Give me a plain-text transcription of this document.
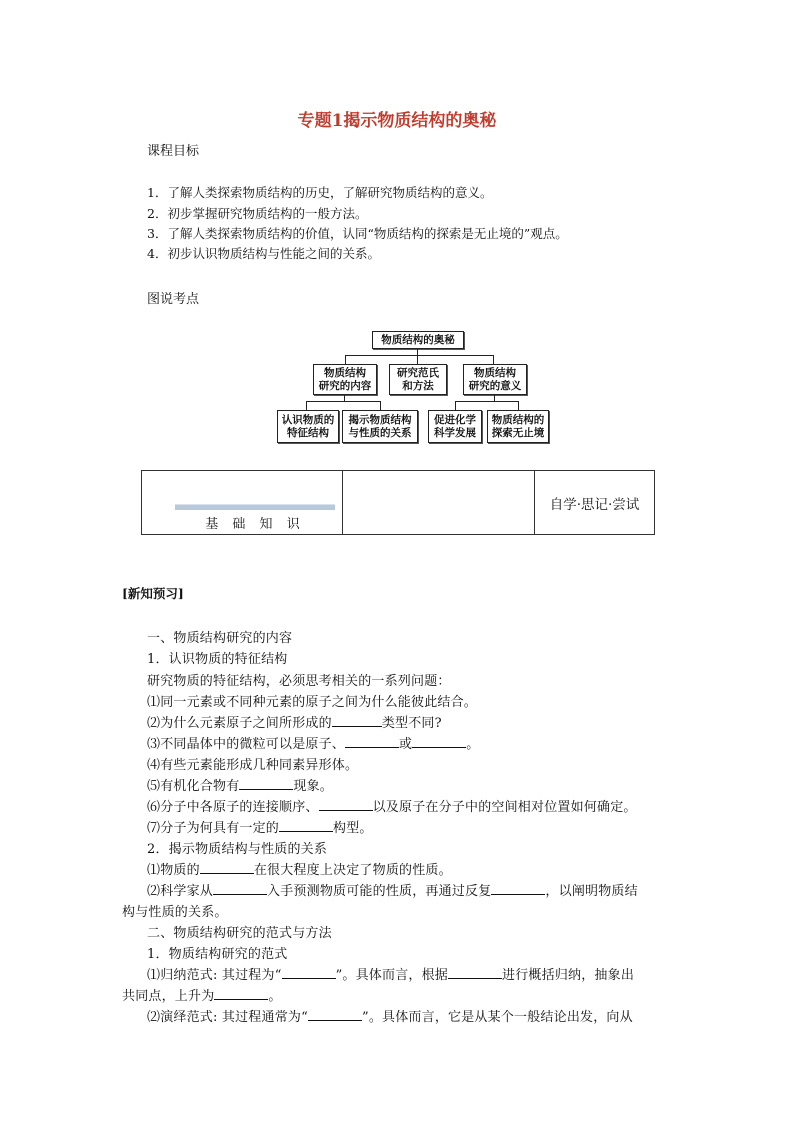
专题1揭示物质结构的奥秘
课程目标
1．了解人类探索物质结构的历史，了解研究物质结构的意义。
2．初步掌握研究物质结构的一般方法。
3．了解人类探索物质结构的价值，认同“物质结构的探索是无止境的”观点。
4．初步认识物质结构与性能之间的关系。
图说考点
物质结构的奥秘
物质结构
研究的内容
研究范氏
和方法
物质结构
研究的意义
认识物质的
特征结构
揭示物质结构
与性质的关系
促进化学
科学发展
物质结构的
探索无止境
基 础 知 识
自学·思记·尝试
[新知预习]
一、物质结构研究的内容
1．认识物质的特征结构
研究物质的特征结构，必须思考相关的一系列问题：
⑴同一元素或不同种元素的原子之间为什么能彼此结合。
⑵为什么元素原子之间所形成的	类型不同?
⑶不同晶体中的微粒可以是原子、	或	。
⑷有些元素能形成几种同素异形体。
⑸有机化合物有	现象。
⑹分子中各原子的连接顺序、	以及原子在分子中的空间相对位置如何确定。
⑺分子为何具有一定的	构型。
2．揭示物质结构与性质的关系
⑴物质的	在很大程度上决定了物质的性质。
⑵科学家从	入手预测物质可能的性质，再通过反复	，以阐明物质结
构与性质的关系。
二、物质结构研究的范式与方法
1．物质结构研究的范式
⑴归纳范式: 其过程为“	”。具体而言，根据	进行概括归纳，抽象出
共同点，上升为	。
⑵演绎范式: 其过程通常为“	”。具体而言，它是从某个一般结论出发，向从
